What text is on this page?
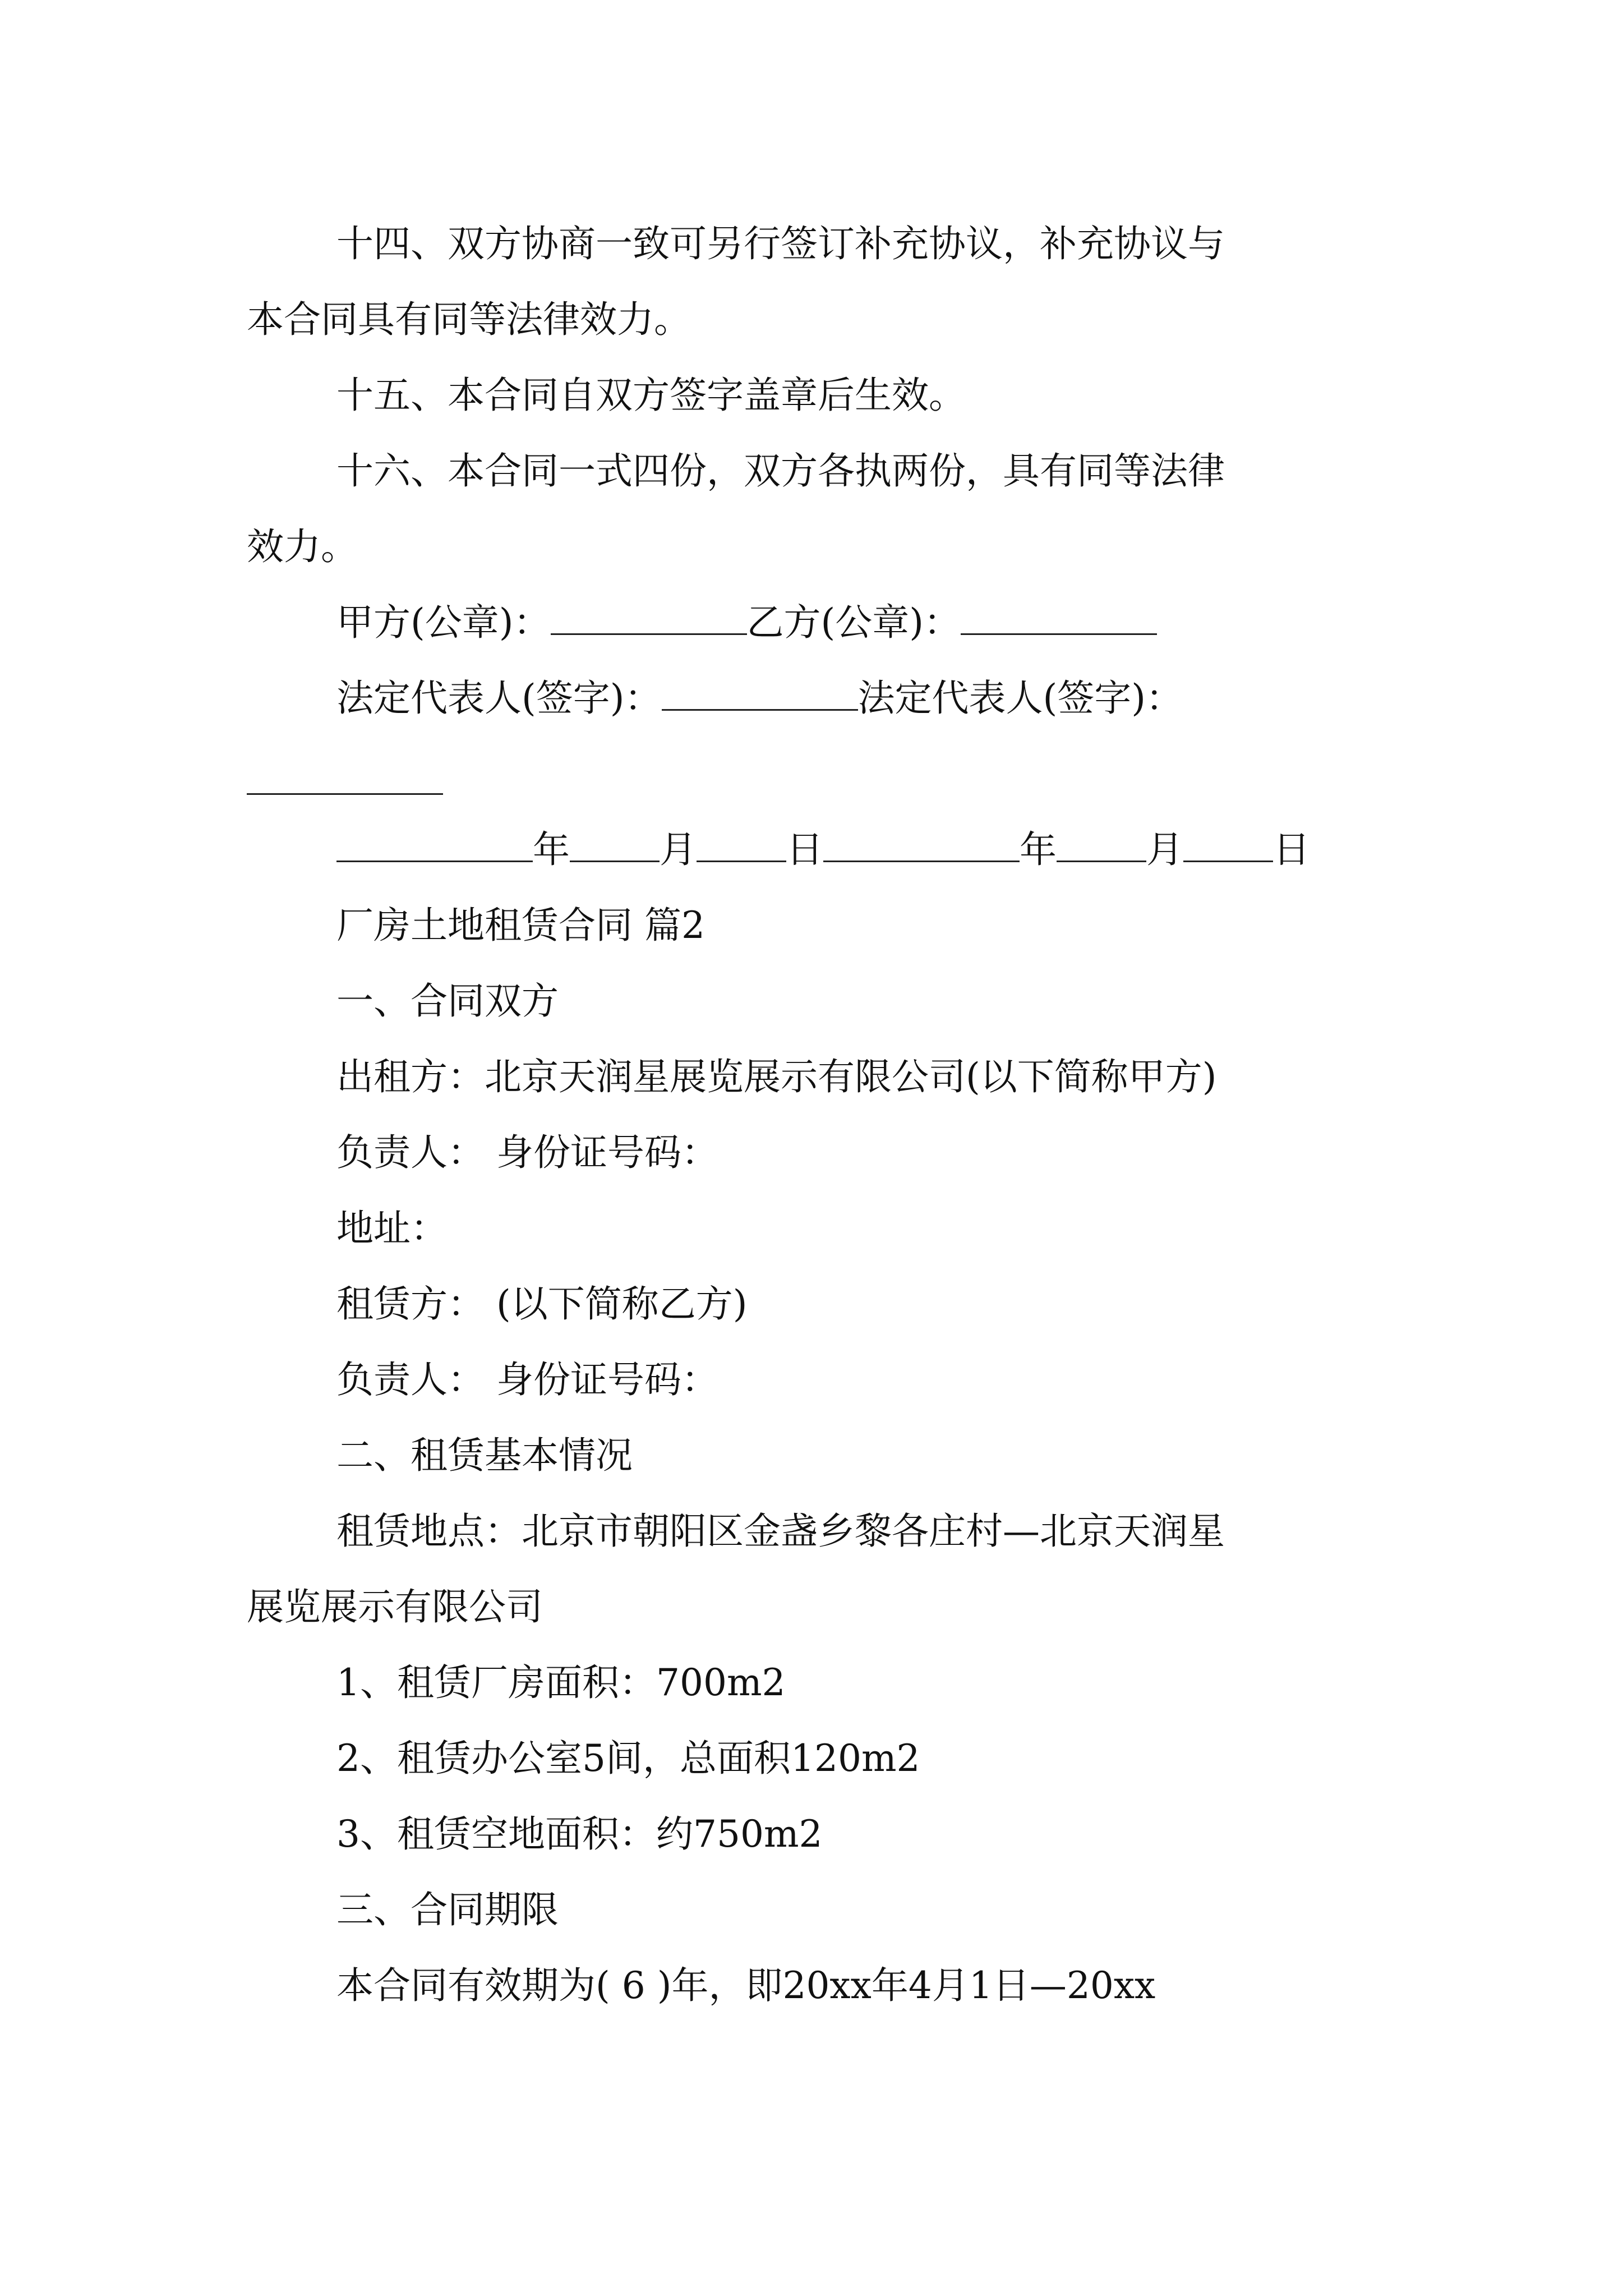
十四、双方协商一致可另行签订补充协议，补充协议与
本合同具有同等法律效力。
十五、本合同自双方签字盖章后生效。
十六、本合同一式四份，双方各执两份，具有同等法律
效力。
甲方(公章)：	乙方(公章)：
法定代表人(签字)：	法定代表人(签字)：
年 月 日	年 月 日
厂房土地租赁合同 篇2
一、合同双方
出租方：北京天润星展览展示有限公司(以下简称甲方)
负责人： 身份证号码：
地址：
租赁方： (以下简称乙方)
负责人： 身份证号码：
二、租赁基本情况
租赁地点：北京市朝阳区金盏乡黎各庄村—北京天润星
展览展示有限公司
1、租赁厂房面积：700m2
2、租赁办公室5间，总面积120m2
3、租赁空地面积：约750m2
三、合同期限
本合同有效期为( 6 )年，即20xx年4月1日—20xx
